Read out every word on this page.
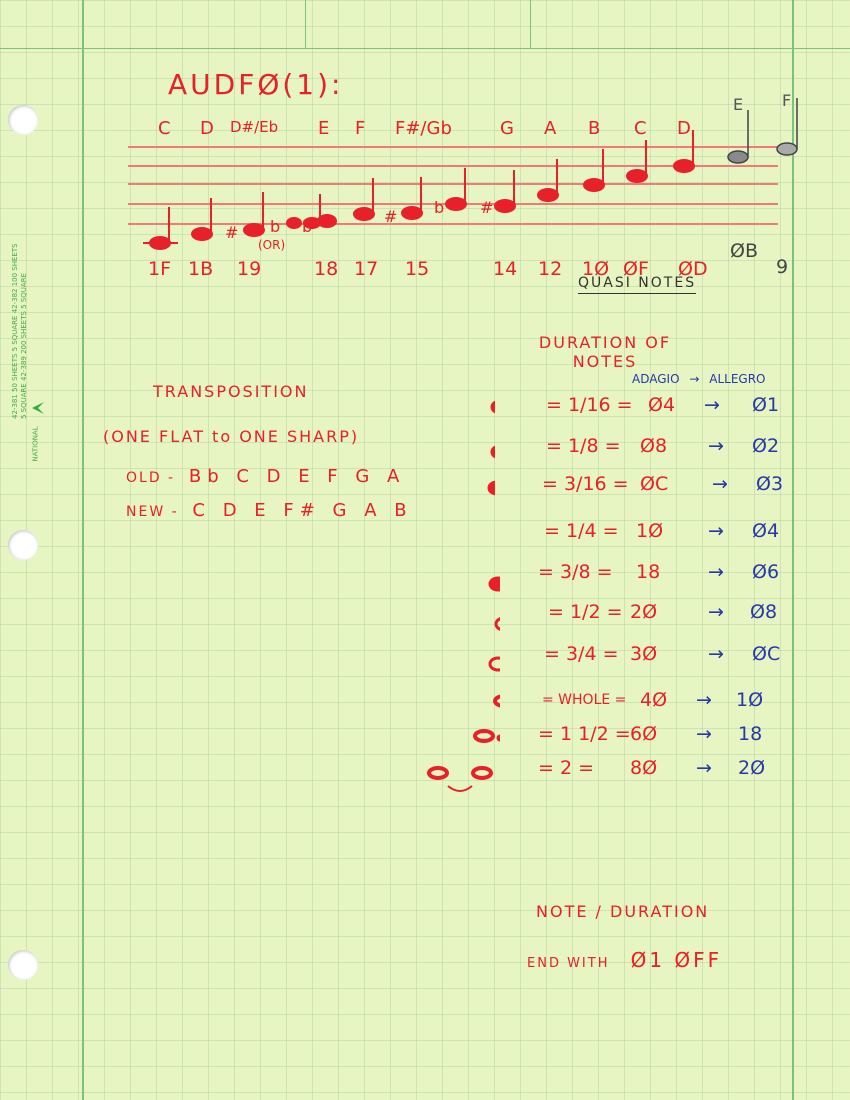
42-381 50 SHEETS 5 SQUARE 42-382 100 SHEETS 5 SQUARE 42-389 200 SHEETS 5 SQUARE
NATIONAL
AUDFØ(1):
C D D#/Eb E F F#/Gb	G A B C D
E F
# b b
# b #
1F 1B 19
(OR)
18 17 15	14 12 1Ø ØF ØD
ØB
9
QUASI NOTES
TRANSPOSITION
(ONE FLAT to ONE SHARP)
OLD - Bb C D E F G A
NEW - C D E F# G A B
DURATION OF
NOTES
ADAGIO → ALLEGRO
= 1/16 = Ø4 → Ø1
= 1/8 = Ø8 → Ø2
= 3/16 = ØC → Ø3
= 1/4 = 1Ø → Ø4
= 3/8 = 18	→ Ø6
= 1/2 = 2Ø	→ Ø8
= 3/4 = 3Ø	→ ØC
= WHOLE = 4Ø → 1Ø
= 1 1/2 = 6Ø → 18
= 2 = 8Ø → 2Ø
NOTE / DURATION
END WITH Ø1 ØFF
